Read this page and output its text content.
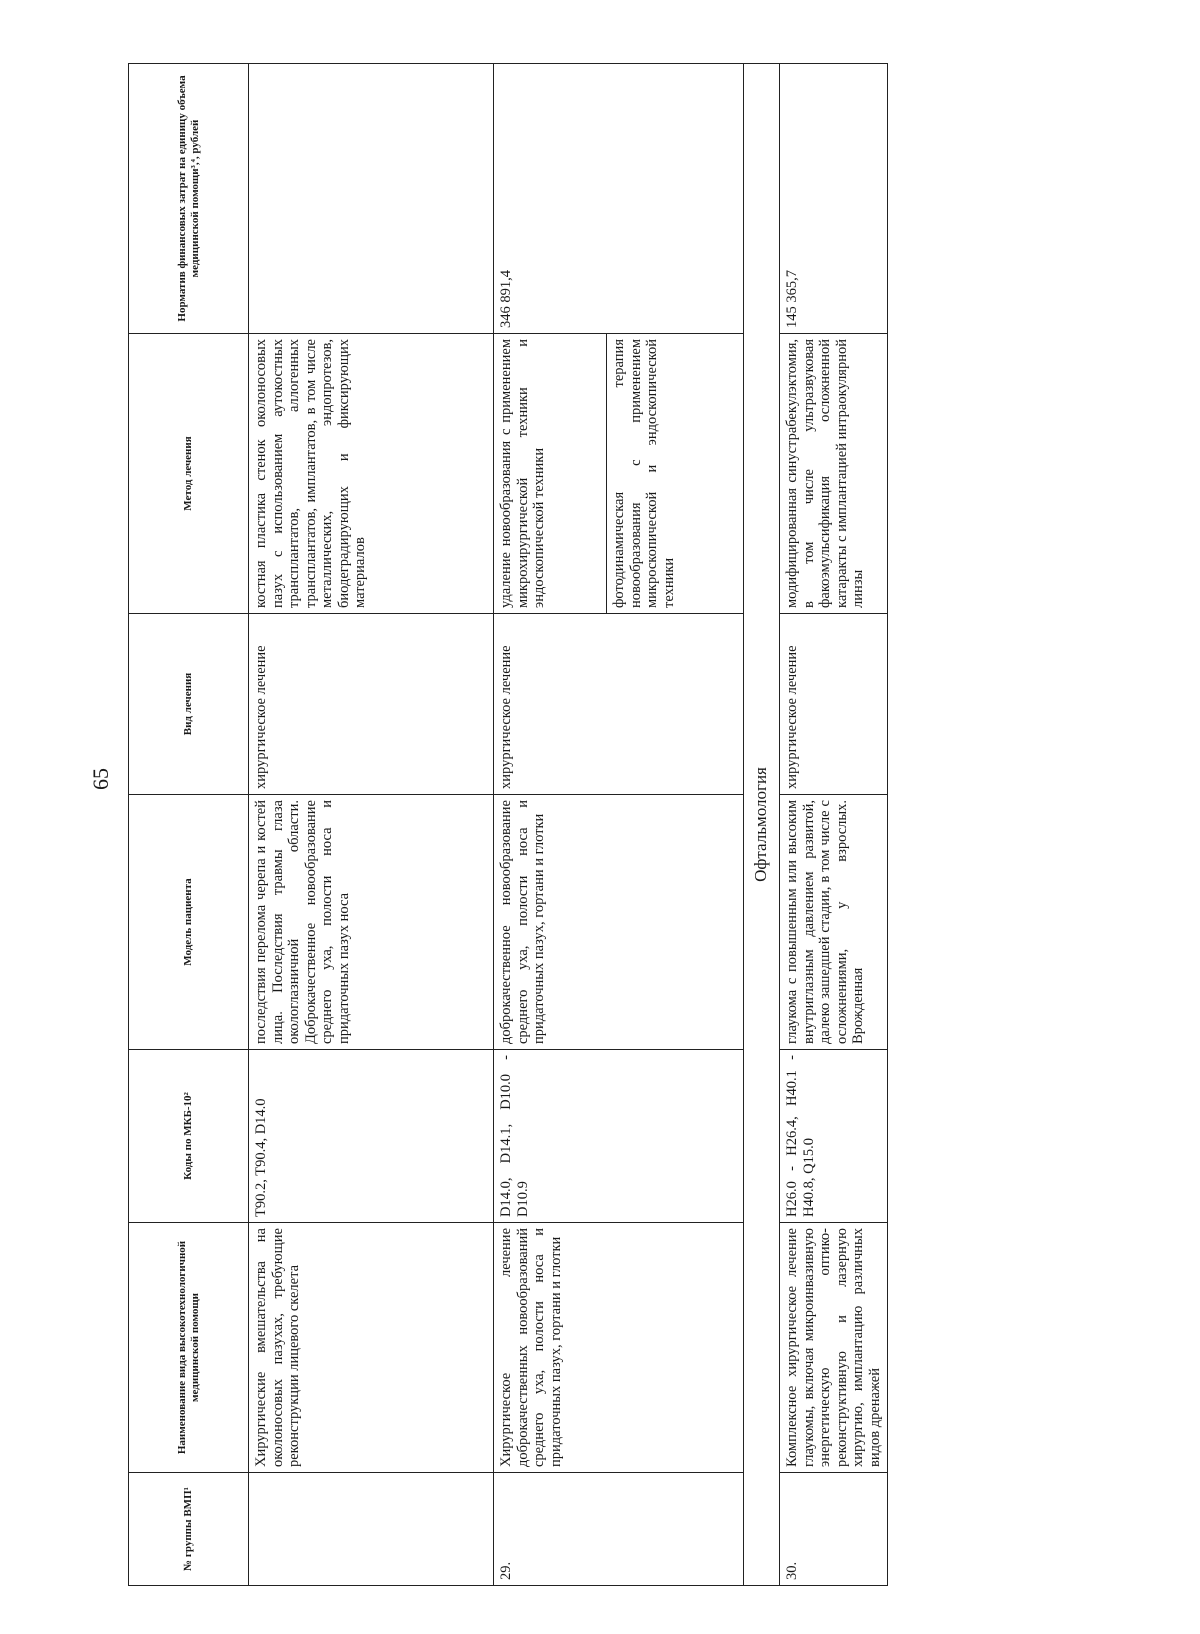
65
№ группы ВМП¹	Наименование вида высокотехнологичной медицинской помощи	Коды по МКБ-10²	Модель пациента	Вид лечения	Метод лечения	Норматив финансовых затрат на единицу объема медицинской помощи³,⁴, рублей
	Хирургические вмешательства на околоносовых пазухах, требующие реконструкции лицевого скелета	T90.2, T90.4, D14.0	последствия перелома черепа и костей лица. Последствия травмы глаза окологлазничной области. Доброкачественное новообразование среднего уха, полости носа и придаточных пазух носа	хирургическое лечение	костная пластика стенок околоносовых пазух с использованием аутокостных трансплантатов, аллогенных трансплантатов, имплантатов, в том числе металлических, эндопротезов, биодеградирующих и фиксирующих материалов	
29.	Хирургическое лечение доброкачественных новообразований среднего уха, полости носа и придаточных пазух, гортани и глотки	D14.0, D14.1, D10.0 - D10.9	доброкачественное новообразование среднего уха, полости носа и придаточных пазух, гортани и глотки	хирургическое лечение	удаление новообразования с применением микрохирургической техники и эндоскопической техники фотодинамическая терапия новообразования с применением микроскопической и эндоскопической техники	346 891,4
Офтальмология						
30.	Комплексное хирургическое лечение глаукомы, включая микроинвазивную энергетическую оптико-реконструктивную и лазерную хирургию, имплантацию различных видов дренажей	H26.0 - H26.4, H40.1 - H40.8, Q15.0	глаукома с повышенным или высоким внутриглазным давлением развитой, далеко зашедшей стадии, в том числе с осложнениями, у взрослых. Врожденная	хирургическое лечение	модифицированная синустрабекулэктомия, в том числе ультразвуковая факоэмульсификация осложненной катаракты с имплантацией интраокулярной линзы	145 365,7
